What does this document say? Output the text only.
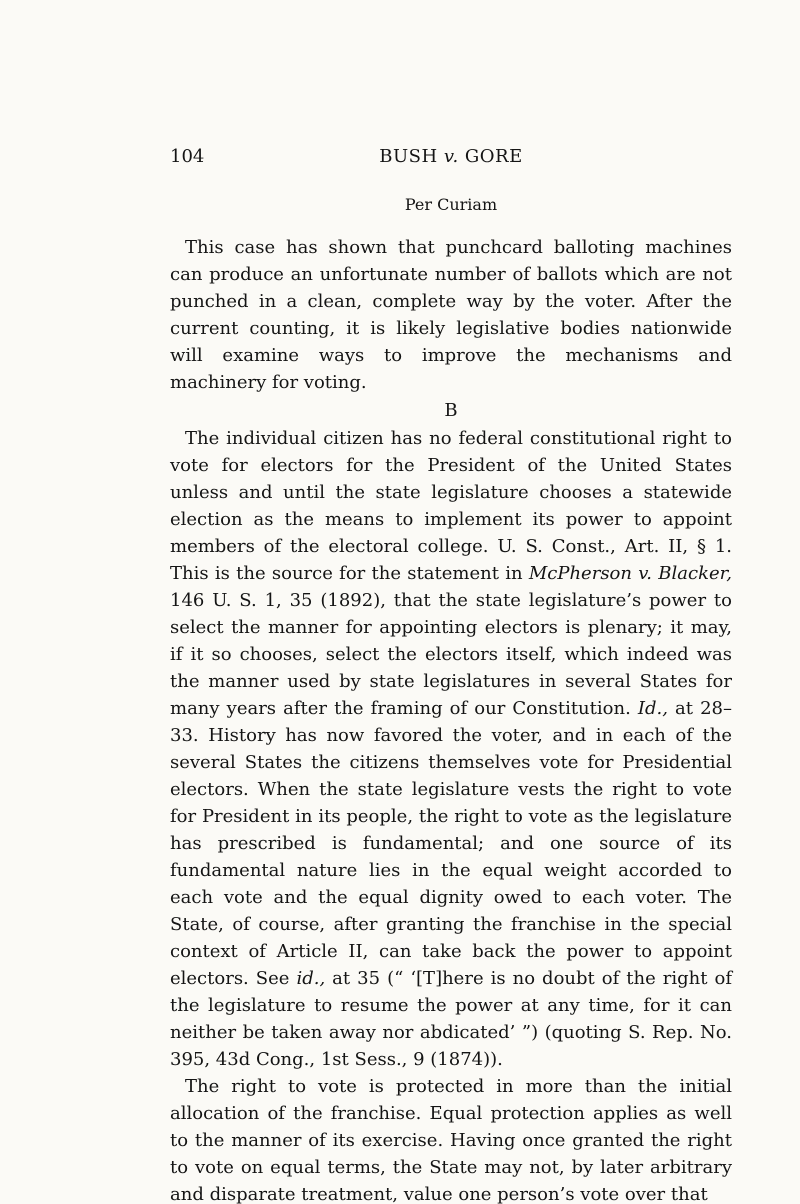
104	BUSH v. GORE
Per Curiam

This case has shown that punchcard balloting machines can produce an unfortunate number of ballots which are not punched in a clean, complete way by the voter. After the current counting, it is likely legislative bodies nationwide will examine ways to improve the mechanisms and machinery for voting.

B

The individual citizen has no federal constitutional right to vote for electors for the President of the United States unless and until the state legislature chooses a statewide election as the means to implement its power to appoint members of the electoral college. U. S. Const., Art. II, § 1. This is the source for the statement in McPherson v. Blacker, 146 U. S. 1, 35 (1892), that the state legislature’s power to select the manner for appointing electors is plenary; it may, if it so chooses, select the electors itself, which indeed was the manner used by state legislatures in several States for many years after the framing of our Constitution. Id., at 28–33. History has now favored the voter, and in each of the several States the citizens themselves vote for Presidential electors. When the state legislature vests the right to vote for President in its people, the right to vote as the legislature has prescribed is fundamental; and one source of its fundamental nature lies in the equal weight accorded to each vote and the equal dignity owed to each voter. The State, of course, after granting the franchise in the special context of Article II, can take back the power to appoint electors. See id., at 35 (“ ‘[T]here is no doubt of the right of the legislature to resume the power at any time, for it can neither be taken away nor abdicated’ ”) (quoting S. Rep. No. 395, 43d Cong., 1st Sess., 9 (1874)).

The right to vote is protected in more than the initial allocation of the franchise. Equal protection applies as well to the manner of its exercise. Having once granted the right to vote on equal terms, the State may not, by later arbitrary and disparate treatment, value one person’s vote over that
